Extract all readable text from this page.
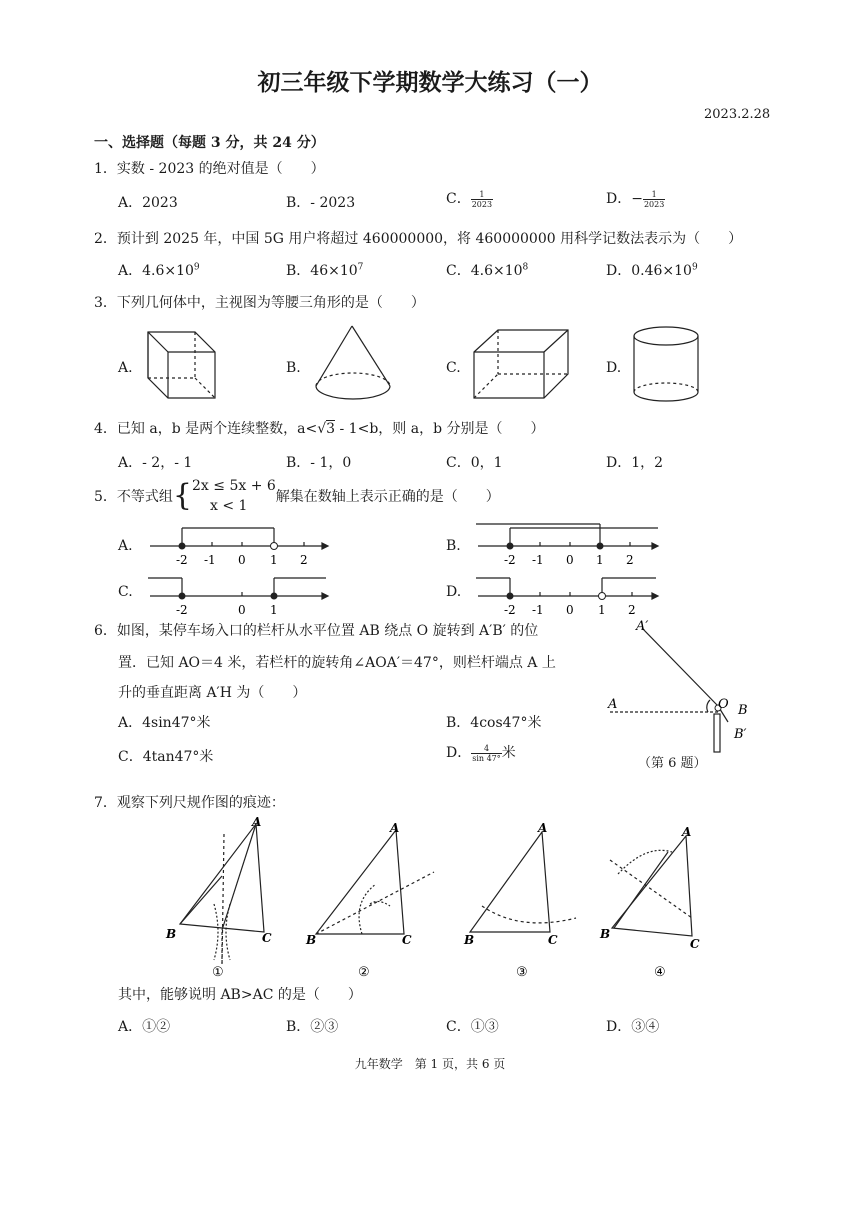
初三年级下学期数学大练习（一）
2023.2.28
一、选择题（每题 3 分，共 24 分）
1．实数 - 2023 的绝对值是（　　）
A．2023	B．- 2023	C． $\frac{1}{2023}$	D．− $\frac{1}{2023}$
2．预计到 2025 年，中国 5G 用户将超过 460000000，将 460000000 用科学记数法表示为（　　）
A．$4.6\times 10^9$	B．$46\times 10^7$	C．$4.6\times 10^8$	D．$0.46\times 10^9$
3．下列几何体中，主视图为等腰三角形的是（　　）
A.	B.	C.	D.
4．已知 a，b 是两个连续整数，a<√3 - 1<b，则 a，b 分别是（　　）
A．- 2，- 1	B．- 1，0	C．0，1	D．1，2
5．不等式组{ 2x ≤ 5x + 6
x < 1
解集在数轴上表示正确的是（　　）
A.	B.
C.	D.
-2 -1 0 1 2	-2 -1 0 1 2
-2	0 1	-2 -1 0 1 2
6．如图，某停车场入口的栏杆从水平位置 AB 绕点 O 旋转到 A′B′ 的位
置．已知 AO＝4 米，若栏杆的旋转角∠AOA′＝47°，则栏杆端点 A 上
升的垂直距离 A′H 为（　　）
A．4sin47°米	B．4cos47°米
C．4tan47°米	D． $\frac{4}{\sin 47^\circ}$ 米
A′
A	O B
B′
（第 6 题）
7．观察下列尺规作图的痕迹：
A
B	C
①
A
B	C
②
A
B	C
③
A
B
C
④
其中，能够说明 AB>AC 的是（　　）
A．①②	B．②③	C．①③	D．③④
九年数学　第 1 页，共 6 页
